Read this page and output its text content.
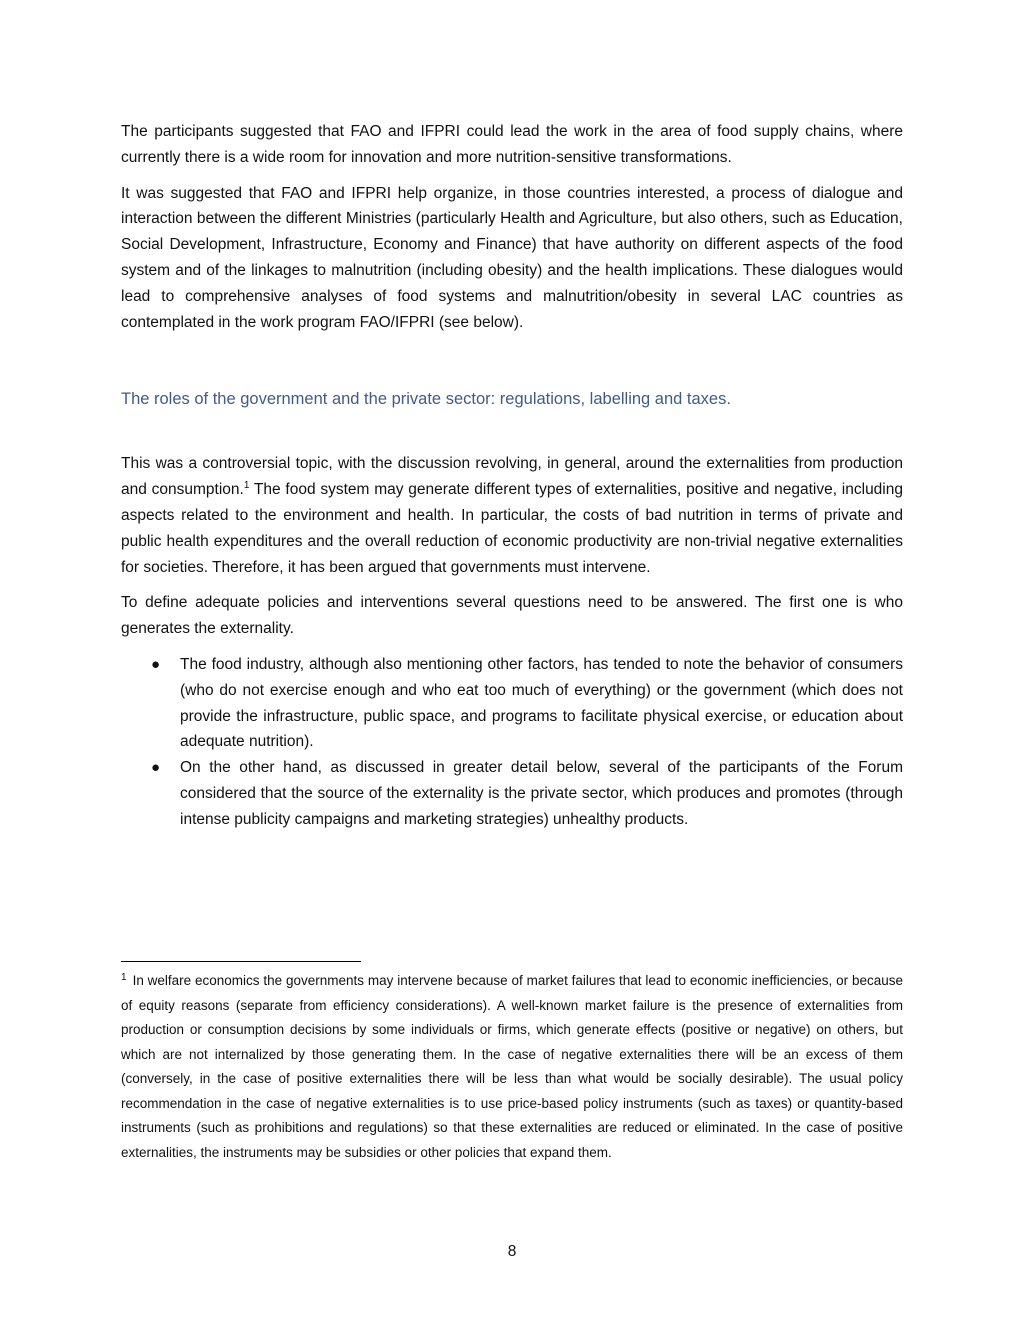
The participants suggested that FAO and IFPRI could lead the work in the area of food supply chains, where currently there is a wide room for innovation and more nutrition-sensitive transformations.

It was suggested that FAO and IFPRI help organize, in those countries interested, a process of dialogue and interaction between the different Ministries (particularly Health and Agriculture, but also others, such as Education, Social Development, Infrastructure, Economy and Finance) that have authority on different aspects of the food system and of the linkages to malnutrition (including obesity) and the health implications. These dialogues would lead to comprehensive analyses of food systems and malnutrition/obesity in several LAC countries as contemplated in the work program FAO/IFPRI (see below).

The roles of the government and the private sector: regulations, labelling and taxes.

This was a controversial topic, with the discussion revolving, in general, around the externalities from production and consumption.$^1$ The food system may generate different types of externalities, positive and negative, including aspects related to the environment and health. In particular, the costs of bad nutrition in terms of private and public health expenditures and the overall reduction of economic productivity are non-trivial negative externalities for societies. Therefore, it has been argued that governments must intervene.

To define adequate policies and interventions several questions need to be answered. The first one is who generates the externality.

● The food industry, although also mentioning other factors, has tended to note the behavior of consumers (who do not exercise enough and who eat too much of everything) or the government (which does not provide the infrastructure, public space, and programs to facilitate physical exercise, or education about adequate nutrition).
● On the other hand, as discussed in greater detail below, several of the participants of the Forum considered that the source of the externality is the private sector, which produces and promotes (through intense publicity campaigns and marketing strategies) unhealthy products.

$^1$ In welfare economics the governments may intervene because of market failures that lead to economic inefficiencies, or because of equity reasons (separate from efficiency considerations). A well-known market failure is the presence of externalities from production or consumption decisions by some individuals or firms, which generate effects (positive or negative) on others, but which are not internalized by those generating them. In the case of negative externalities there will be an excess of them (conversely, in the case of positive externalities there will be less than what would be socially desirable). The usual policy recommendation in the case of negative externalities is to use price-based policy instruments (such as taxes) or quantity-based instruments (such as prohibitions and regulations) so that these externalities are reduced or eliminated. In the case of positive externalities, the instruments may be subsidies or other policies that expand them.

8
